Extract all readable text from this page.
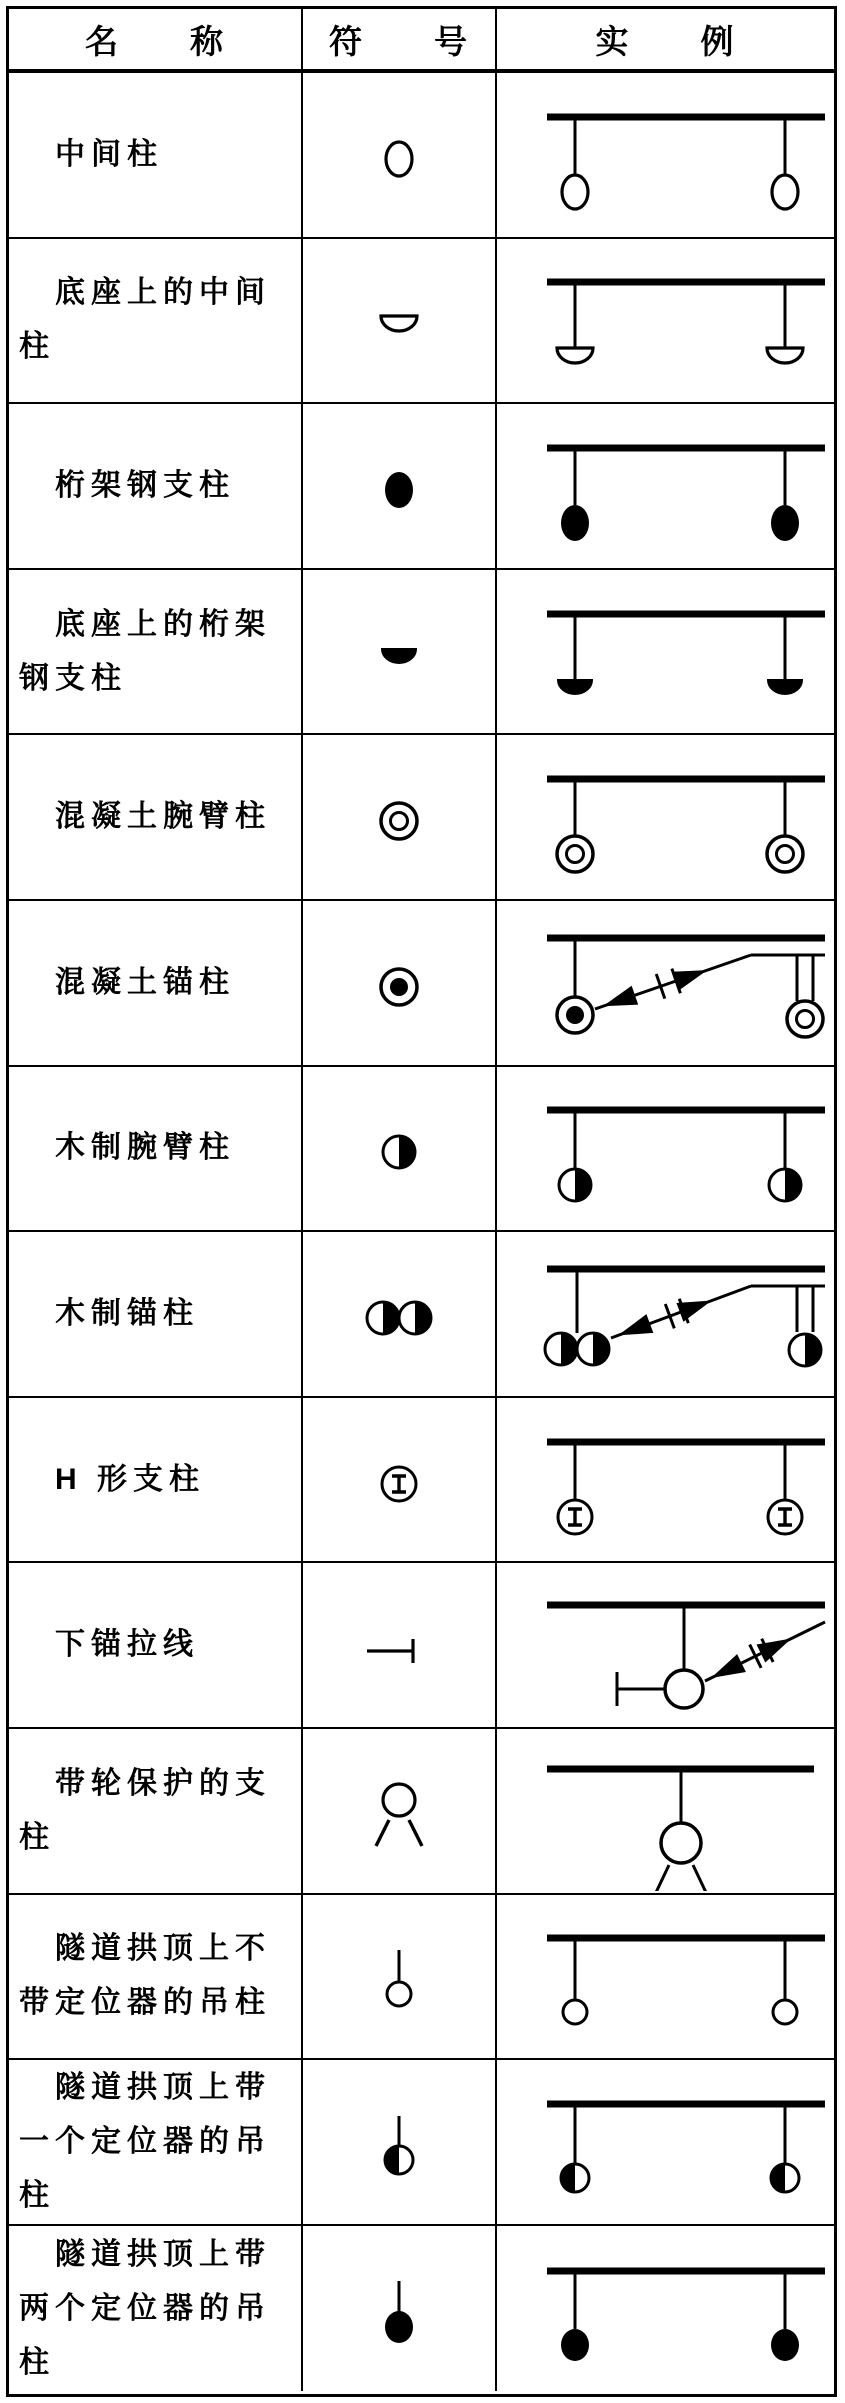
名　　称	符　　号	实　　例
中间柱
底座上的中间柱
桁架钢支柱
底座上的桁架钢支柱
混凝土腕臂柱
混凝土锚柱
木制腕臂柱
木制锚柱
H 形支柱
下锚拉线
带轮保护的支柱
隧道拱顶上不带定位器的吊柱
隧道拱顶上带一个定位器的吊柱
隧道拱顶上带两个定位器的吊柱
